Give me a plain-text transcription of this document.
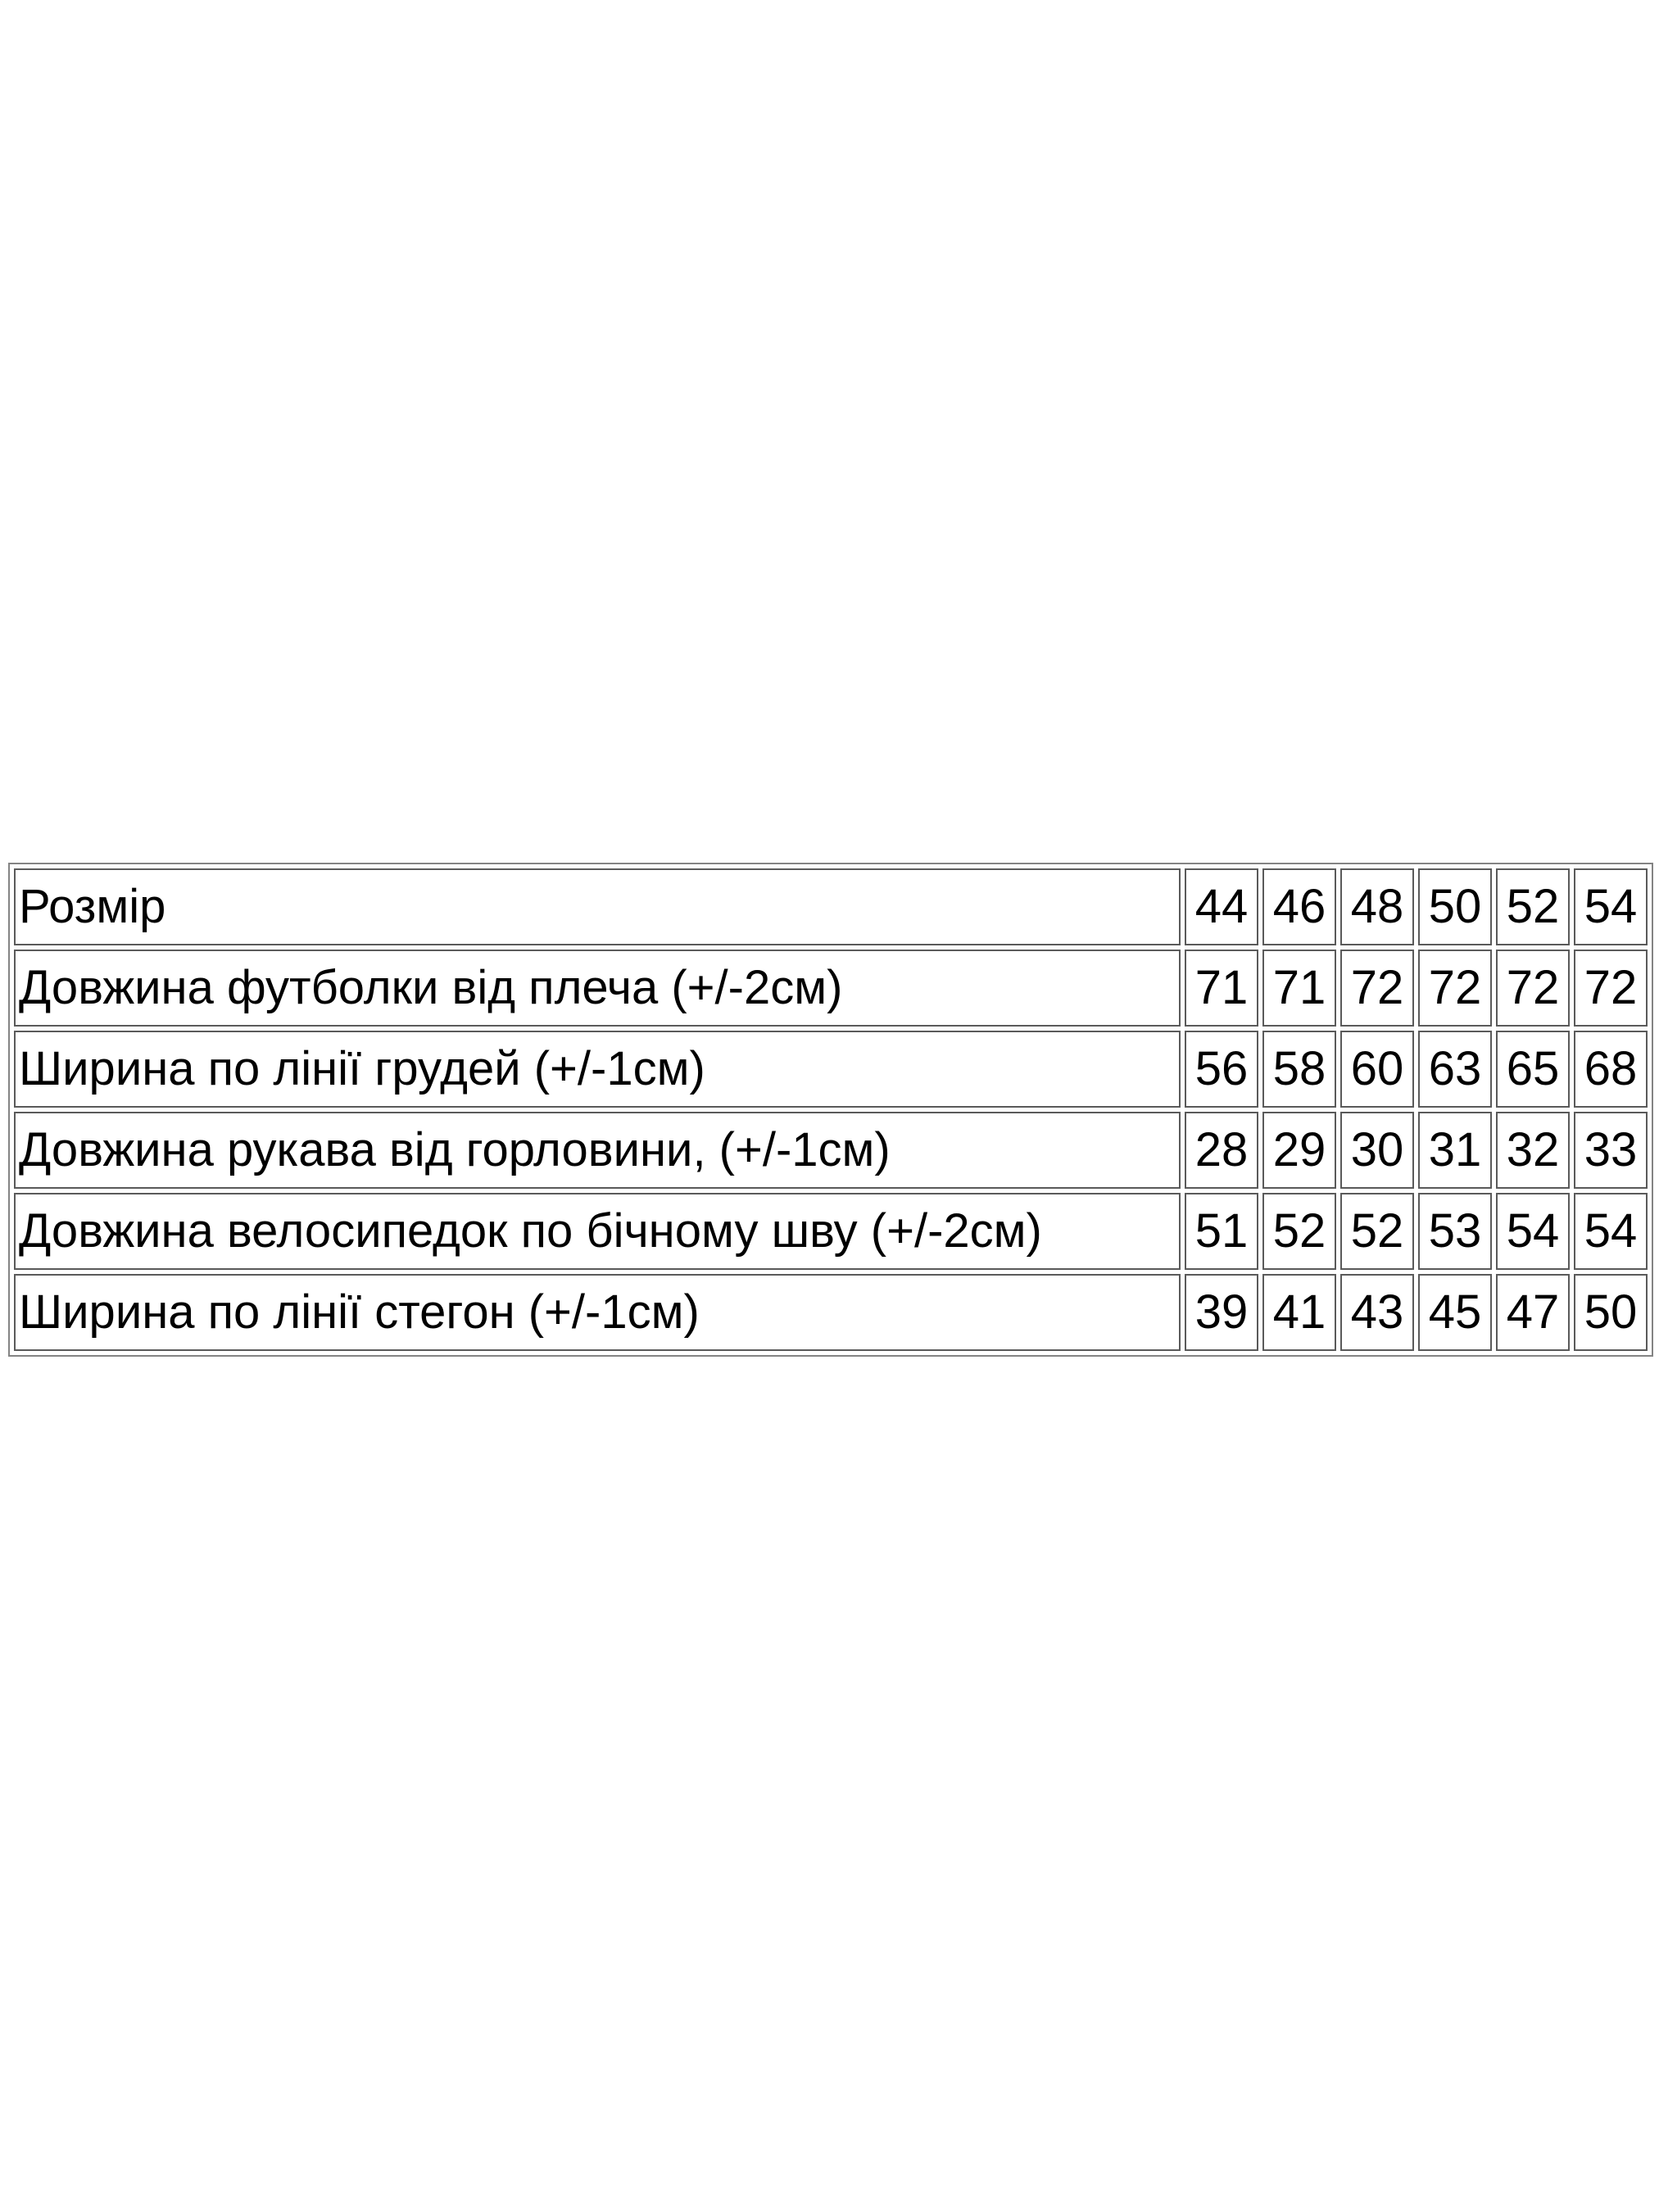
Розмір	44	46	48	50	52	54
Довжина футболки від плеча (+/-2см)	71	71	72	72	72	72
Ширина по лінії грудей (+/-1см)	56	58	60	63	65	68
Довжина рукава від горловини, (+/-1см)	28	29	30	31	32	33
Довжина велосипедок по бічному шву (+/-2см)	51	52	52	53	54	54
Ширина по лінії стегон (+/-1см)	39	41	43	45	47	50
